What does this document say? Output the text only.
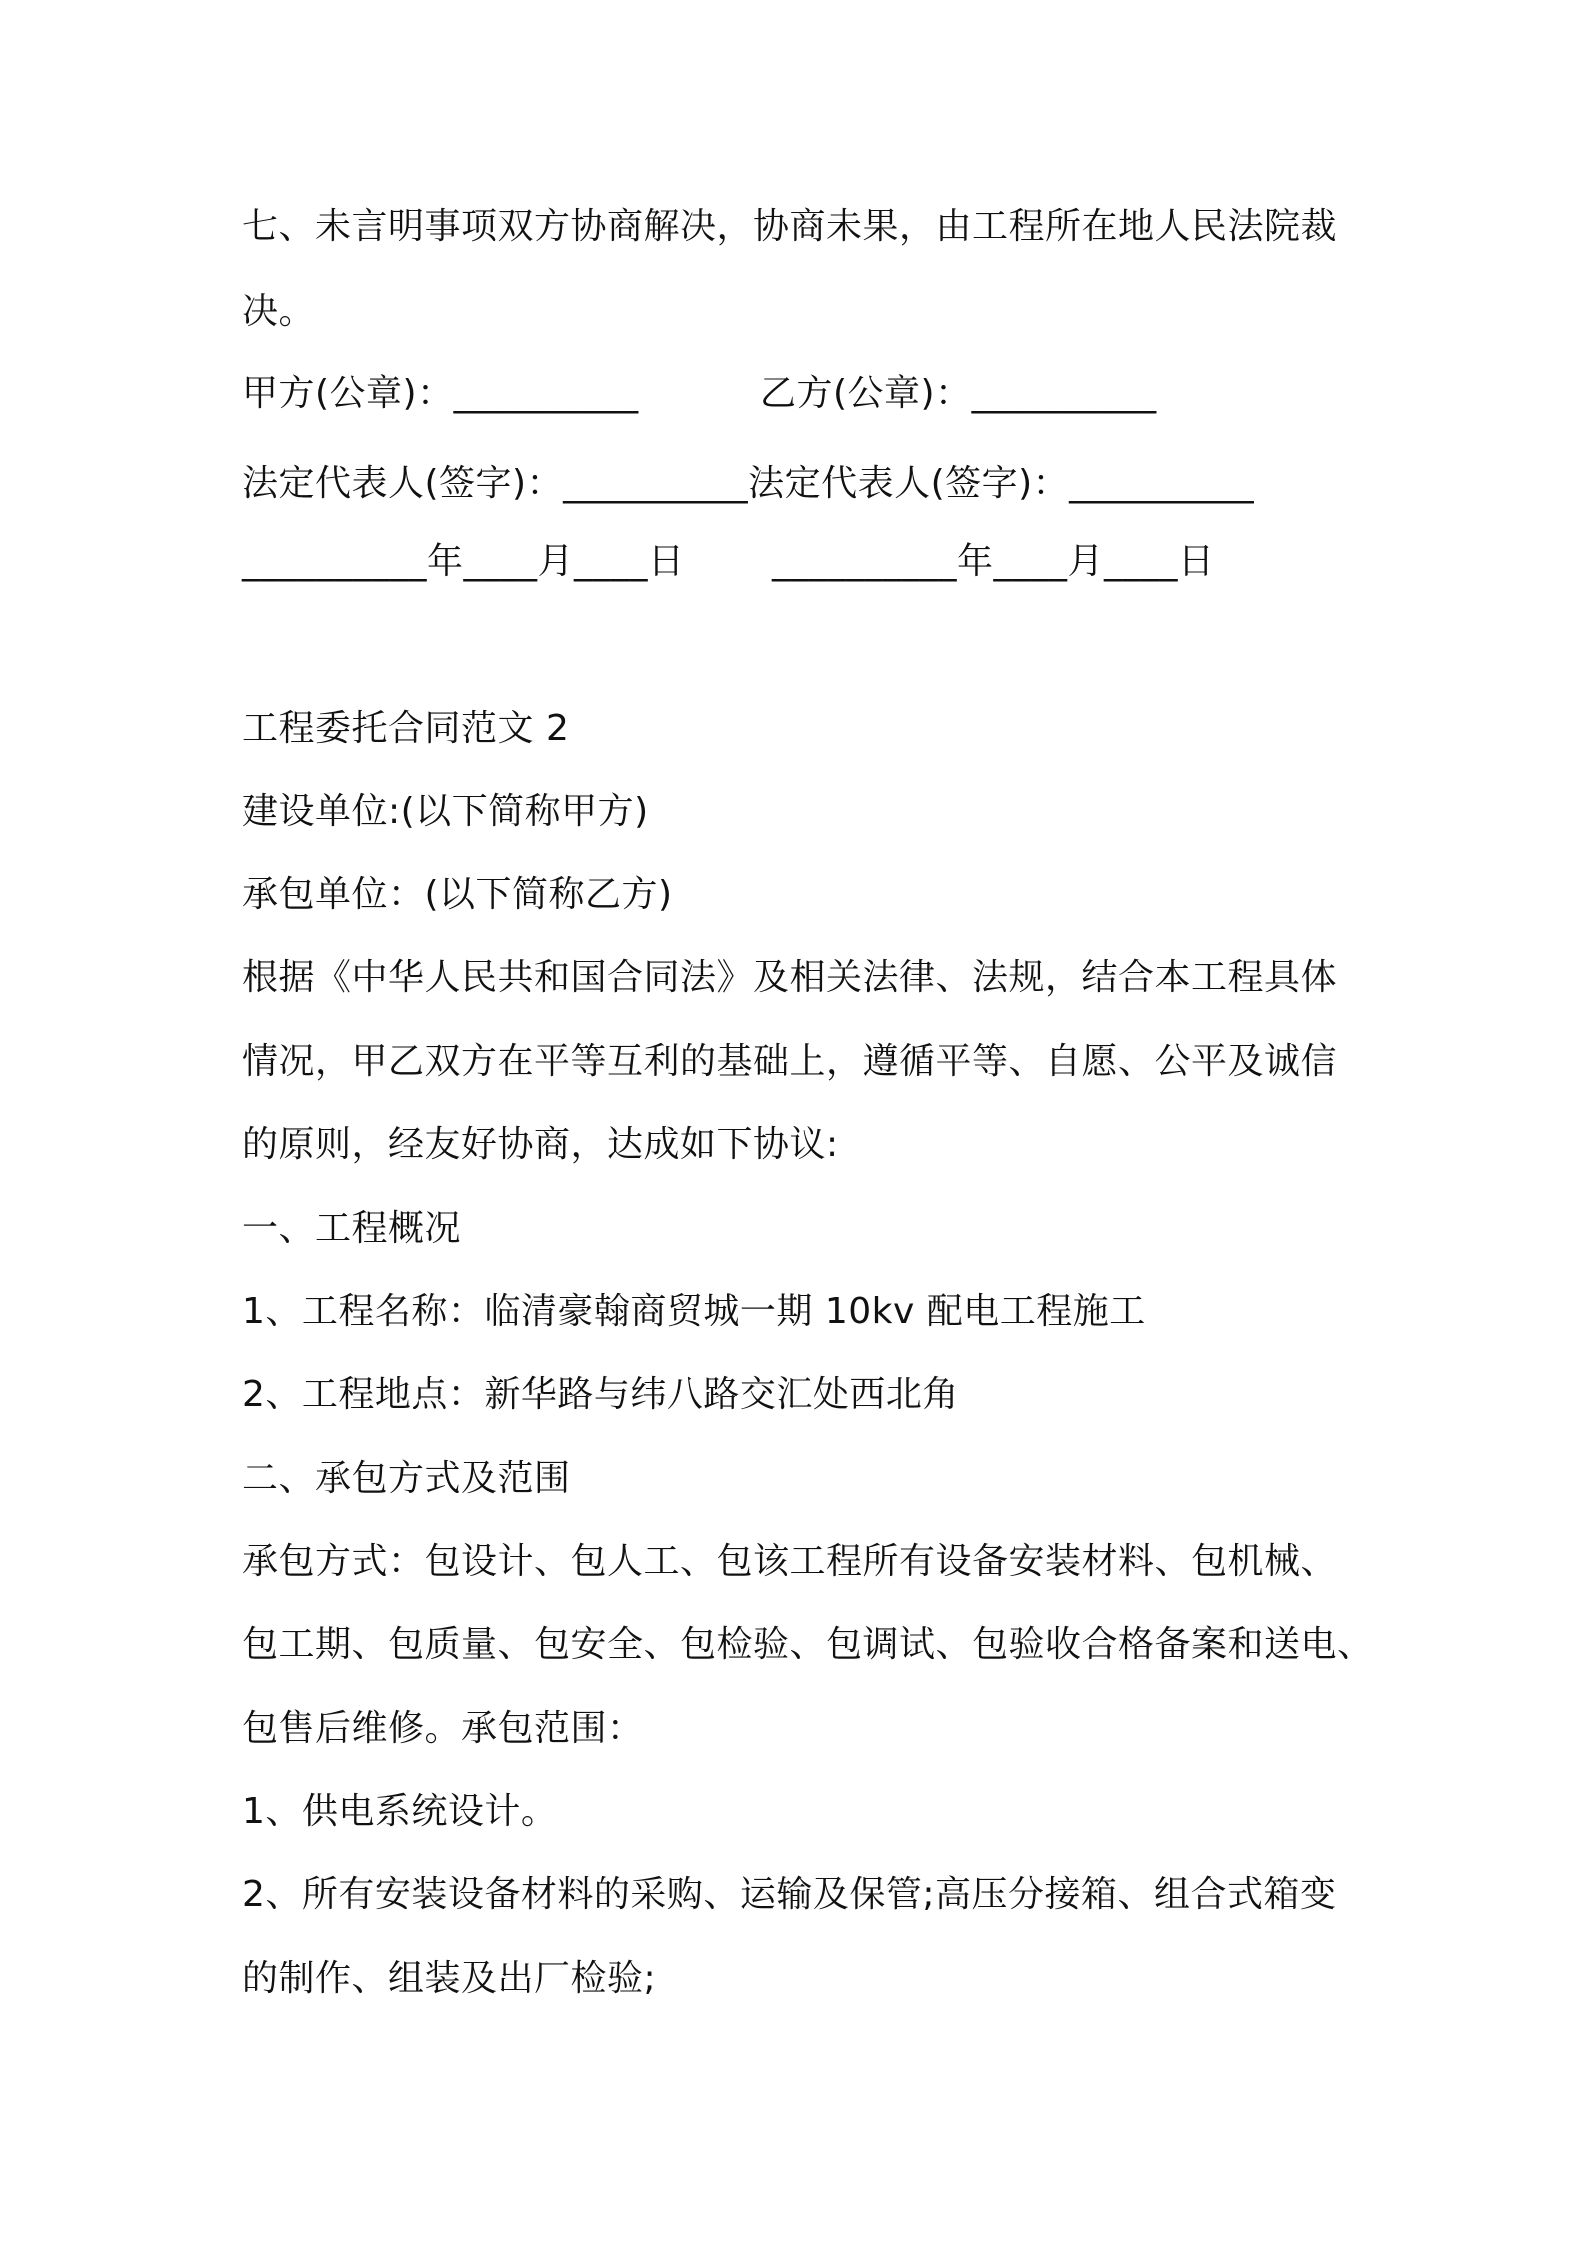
七、未言明事项双方协商解决，协商未果，由工程所在地人民法院裁
决。
甲方(公章)：__________	乙方(公章)：__________
法定代表人(签字)：__________法定代表人(签字)：__________
__________年____月____日 __________年____月____日
工程委托合同范文 2
建设单位:(以下简称甲方)
承包单位：(以下简称乙方)
根据《中华人民共和国合同法》及相关法律、法规，结合本工程具体
情况，甲乙双方在平等互利的基础上，遵循平等、自愿、公平及诚信
的原则，经友好协商，达成如下协议:
一、工程概况
1、工程名称：临清豪翰商贸城一期 10kv 配电工程施工
2、工程地点：新华路与纬八路交汇处西北角
二、承包方式及范围
承包方式：包设计、包人工、包该工程所有设备安装材料、包机械、
包工期、包质量、包安全、包检验、包调试、包验收合格备案和送电、
包售后维修。承包范围：
1、供电系统设计。
2、所有安装设备材料的采购、运输及保管;高压分接箱、组合式箱变
的制作、组装及出厂检验;
